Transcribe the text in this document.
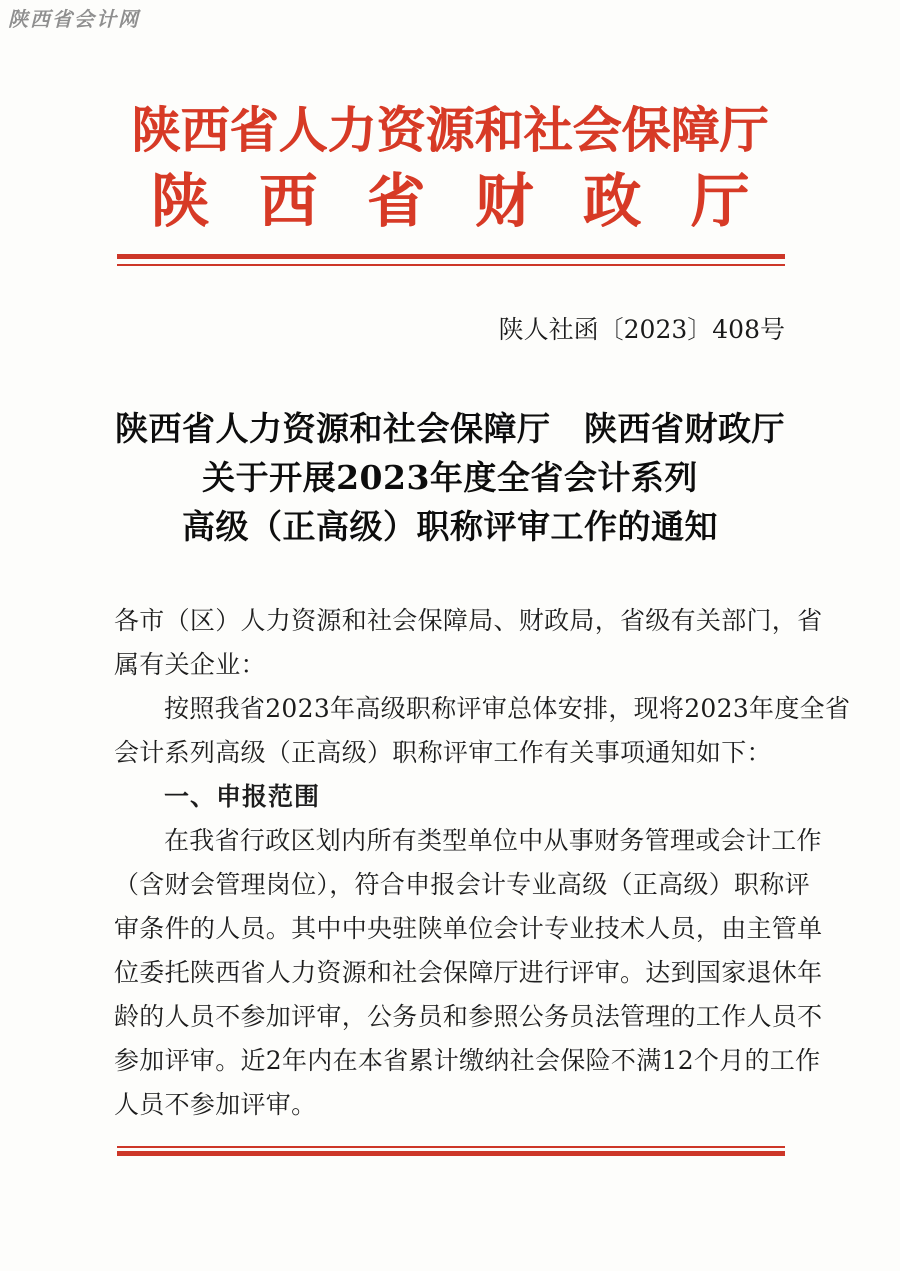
陕西省会计网
陕西省人力资源和社会保障厅
陕西省财政厅
陕人社函〔2023〕408号
陕西省人力资源和社会保障厅　陕西省财政厅
关于开展2023年度全省会计系列
高级（正高级）职称评审工作的通知
各市（区）人力资源和社会保障局、财政局，省级有关部门，省
属有关企业：
按照我省2023年高级职称评审总体安排，现将2023年度全省
会计系列高级（正高级）职称评审工作有关事项通知如下：
一、申报范围
在我省行政区划内所有类型单位中从事财务管理或会计工作
（含财会管理岗位），符合申报会计专业高级（正高级）职称评
审条件的人员。其中中央驻陕单位会计专业技术人员，由主管单
位委托陕西省人力资源和社会保障厅进行评审。达到国家退休年
龄的人员不参加评审，公务员和参照公务员法管理的工作人员不
参加评审。近2年内在本省累计缴纳社会保险不满12个月的工作
人员不参加评审。
